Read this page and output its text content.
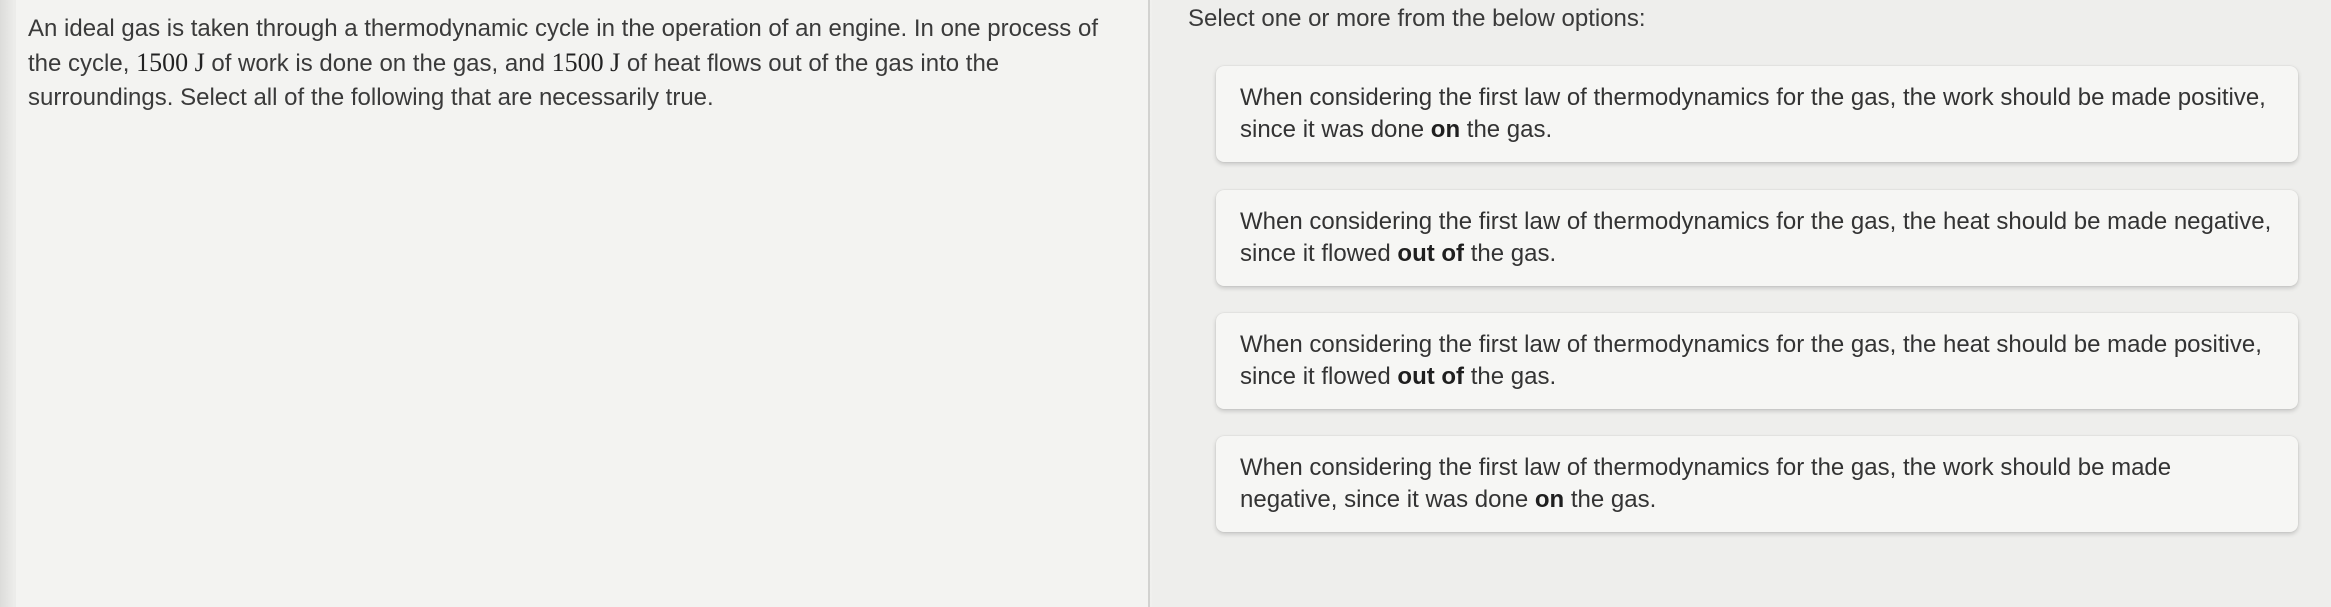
An ideal gas is taken through a thermodynamic cycle in the operation of an engine. In one process of the cycle, 1500 J of work is done on the gas, and 1500 J of heat flows out of the gas into the surroundings. Select all of the following that are necessarily true.
Select one or more from the below options:
When considering the first law of thermodynamics for the gas, the work should be made positive, since it was done on the gas.
When considering the first law of thermodynamics for the gas, the heat should be made negative, since it flowed out of the gas.
When considering the first law of thermodynamics for the gas, the heat should be made positive, since it flowed out of the gas.
When considering the first law of thermodynamics for the gas, the work should be made negative, since it was done on the gas.
